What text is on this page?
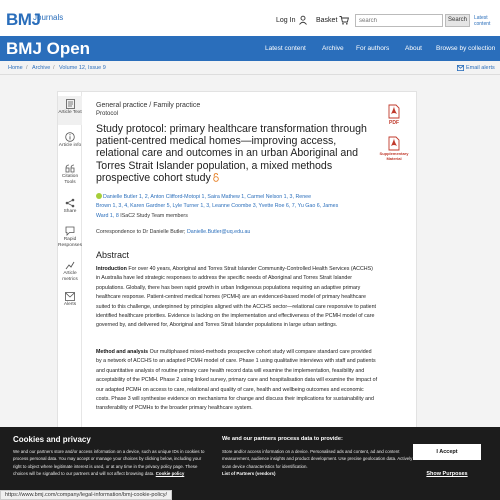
BMJ
Journals	Log In	Basket
search	Search	Latest content
BMJ Open	Latest content Archive For authors About Browse by collection
Home / Archive / Volume 12, Issue 9	Email alerts
Article Text
Article info
Citation Tools
Share
Rapid Responses
Article metrics
Alerts
General practice / Family practice
Protocol
Study protocol: primary healthcare transformation through patient-centred medical homes—improving access, relational care and outcomes in an urban Aboriginal and Torres Strait Islander population, a mixed methods prospective cohort study
Danielle Butler 1, 2, Anton Clifford-Motopi 1, Saira Mathew 1, Carmel Nelson 1, 3, Renee
Brown 1, 3, 4, Karen Gardner 5, Lyle Turner 1, 3, Leanne Coombe 3, Yvette Roe 6, 7, Yu Gao 6, James
Ward 1, 8 ISaC2 Study Team members
Correspondence to Dr Danielle Butler; Danielle.Butler@uq.edu.au
Abstract
Introduction For over 40 years, Aboriginal and Torres Strait Islander Community-Controlled Health Services (ACCHS) in Australia have led strategic responses to address the specific needs of Aboriginal and Torres Strait Islander populations. Globally, there has been rapid growth in urban Indigenous populations requiring an adaptive primary healthcare response. Patient-centred medical homes (PCMH) are an evidenced-based model of primary healthcare suited to this challenge, underpinned by principles aligned with the ACCHS sector—relational care responsive to patient identified healthcare priorities. Evidence is lacking on the implementation and effectiveness of the PCMH model of care governed by, and delivered for, Aboriginal and Torres Strait Islander populations in large urban settings.
Method and analysis Our multiphased mixed-methods prospective cohort study will compare standard care provided by a network of ACCHS to an adapted PCMH model of care. Phase 1 using qualitative interviews with staff and patients and quantitative analysis of routine primary care health record data will examine the implementation, feasibility and acceptability of the PCMH. Phase 2 using linked survey, primary care and hospitalisation data will examine the impact of our adapted PCMH on access to care, relational and quality of care, health and wellbeing outcomes and economic costs. Phase 3 will synthesise evidence on mechanisms for change and discuss their implications for sustainability and transferability of PCMHs to the broader primary healthcare system.
PDF
Supplementary Material
Cookies and privacy
We and our partners store and/or access information on a device, such as unique IDs in cookies to process personal data. You may accept or manage your choices by clicking below, including your right to object where legitimate interest is used, or at any time in the privacy policy page. These choices will be signalled to our partners and will not affect browsing data. Cookie policy
We and our partners process data to provide:
Store and/or access information on a device. Personalised ads and content, ad and content measurement, audience insights and product development. Use precise geolocation data. Actively scan device characteristics for identification.
List of Partners (vendors)
I Accept
Show Purposes
https://www.bmj.com/company/legal-information/bmj-cookie-policy/
